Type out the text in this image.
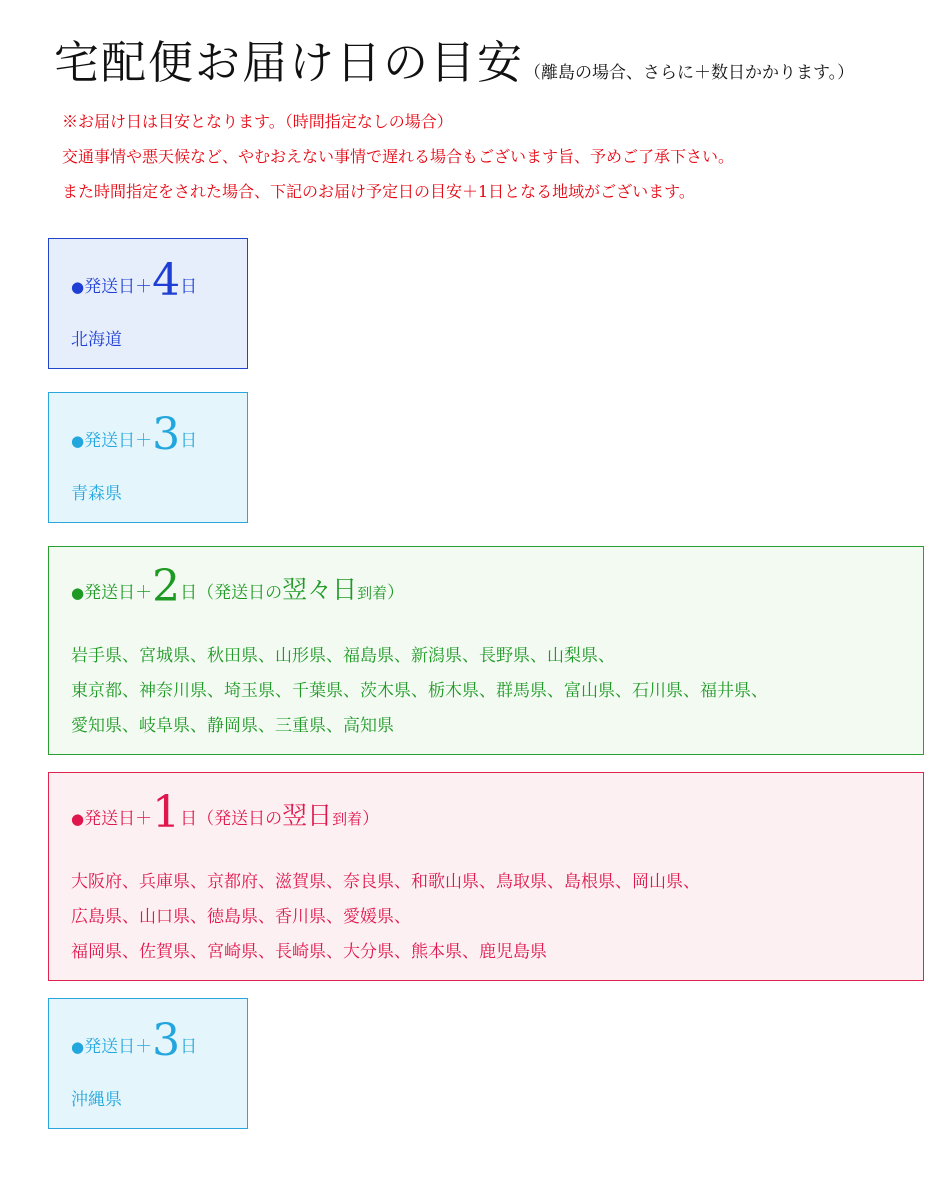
宅配便お届け日の目安（離島の場合、さらに＋数日かかります。）
※お届け日は目安となります。（時間指定なしの場合）
交通事情や悪天候など、やむおえない事情で遅れる場合もございます旨、予めご了承下さい。
また時間指定をされた場合、下記のお届け予定日の目安＋1日となる地域がございます。
●発送日＋4日
北海道
●発送日＋3日
青森県
●発送日＋2日（発送日の翌々日到着）
岩手県、宮城県、秋田県、山形県、福島県、新潟県、長野県、山梨県、
東京都、神奈川県、埼玉県、千葉県、茨木県、栃木県、群馬県、富山県、石川県、福井県、
愛知県、岐阜県、静岡県、三重県、高知県
●発送日＋1日（発送日の翌日到着）
大阪府、兵庫県、京都府、滋賀県、奈良県、和歌山県、鳥取県、島根県、岡山県、
広島県、山口県、徳島県、香川県、愛媛県、
福岡県、佐賀県、宮崎県、長崎県、大分県、熊本県、鹿児島県
●発送日＋3日
沖縄県
